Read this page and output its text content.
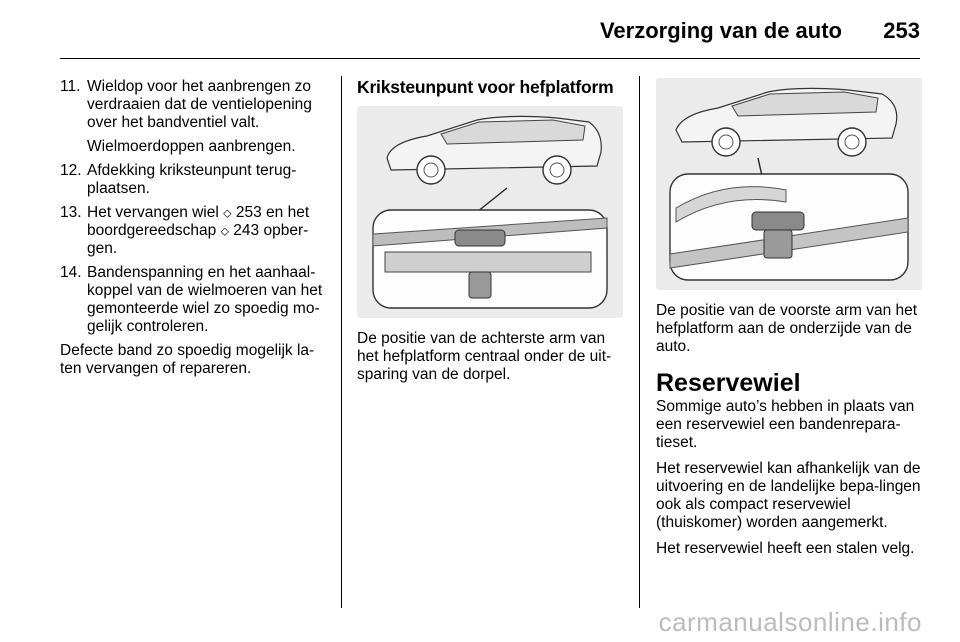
Verzorging van de auto 253
11. Wieldop voor het aanbrengen zo verdraaien dat de ventielopening over het bandventiel valt.

Wielmoerdoppen aanbrengen.

12. Afdekking kriksteunpunt terug-plaatsen.
13. Het vervangen wiel ⬦ 253 en het boordgereedschap ⬦ 243 opber-gen.
14. Bandenspanning en het aanhaal-koppel van de wielmoeren van het gemonteerde wiel zo spoedig mo-gelijk controleren.

Defecte band zo spoedig mogelijk la-ten vervangen of repareren.

Kriksteunpunt voor hefplatform

De positie van de achterste arm van het hefplatform centraal onder de uit-sparing van de dorpel.

De positie van de voorste arm van het hefplatform aan de onderzijde van de auto.

Reservewiel

Sommige auto’s hebben in plaats van een reservewiel een bandenrepara-tieset.

Het reservewiel kan afhankelijk van de uitvoering en de landelijke bepa-lingen ook als compact reservewiel (thuiskomer) worden aangemerkt.

Het reservewiel heeft een stalen velg.

carmanualsonline.info
